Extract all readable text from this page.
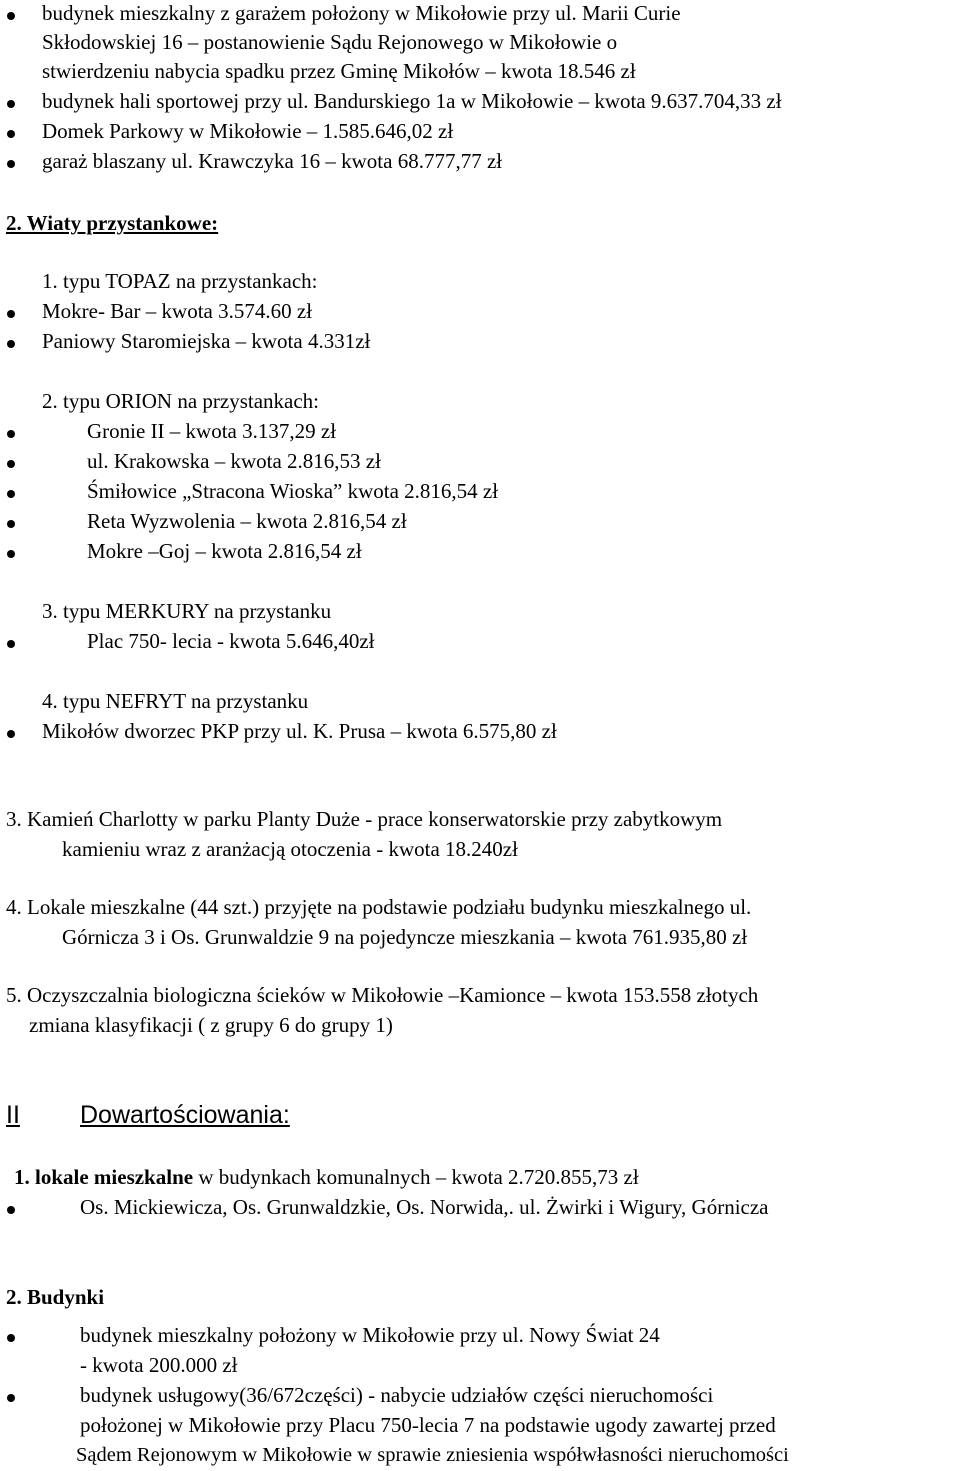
budynek mieszkalny z garażem położony w Mikołowie przy ul. Marii Curie
Skłodowskiej 16 – postanowienie Sądu Rejonowego w Mikołowie o
stwierdzeniu nabycia spadku przez Gminę Mikołów – kwota 18.546 zł
budynek hali sportowej przy ul. Bandurskiego 1a w Mikołowie – kwota 9.637.704,33 zł
Domek Parkowy w Mikołowie – 1.585.646,02 zł
garaż blaszany ul. Krawczyka 16 – kwota 68.777,77 zł
2. Wiaty przystankowe:
1. typu TOPAZ na przystankach:
Mokre- Bar – kwota 3.574.60 zł
Paniowy Staromiejska – kwota 4.331zł
2. typu ORION na przystankach:
Gronie II – kwota 3.137,29 zł
ul. Krakowska – kwota 2.816,53 zł
Śmiłowice „Stracona Wioska” kwota 2.816,54 zł
Reta Wyzwolenia – kwota 2.816,54 zł
Mokre –Goj – kwota 2.816,54 zł
3. typu MERKURY na przystanku
Plac 750- lecia - kwota 5.646,40zł
4. typu NEFRYT na przystanku
Mikołów dworzec PKP przy ul. K. Prusa – kwota 6.575,80 zł
3. Kamień Charlotty w parku Planty Duże - prace konserwatorskie przy zabytkowym
kamieniu wraz z aranżacją otoczenia - kwota 18.240zł
4. Lokale mieszkalne (44 szt.) przyjęte na podstawie podziału budynku mieszkalnego ul.
Górnicza 3 i Os. Grunwaldzie 9 na pojedyncze mieszkania – kwota 761.935,80 zł
5. Oczyszczalnia biologiczna ścieków w Mikołowie –Kamionce – kwota 153.558 złotych
zmiana klasyfikacji ( z grupy 6 do grupy 1)
II Dowartościowania:
1. lokale mieszkalne w budynkach komunalnych – kwota 2.720.855,73 zł
Os. Mickiewicza, Os. Grunwaldzkie, Os. Norwida,. ul. Żwirki i Wigury, Górnicza
2. Budynki
budynek mieszkalny położony w Mikołowie przy ul. Nowy Świat 24
- kwota 200.000 zł
budynek usługowy(36/672części) - nabycie udziałów części nieruchomości
położonej w Mikołowie przy Placu 750-lecia 7 na podstawie ugody zawartej przed
Sądem Rejonowym w Mikołowie w sprawie zniesienia współwłasności nieruchomości
